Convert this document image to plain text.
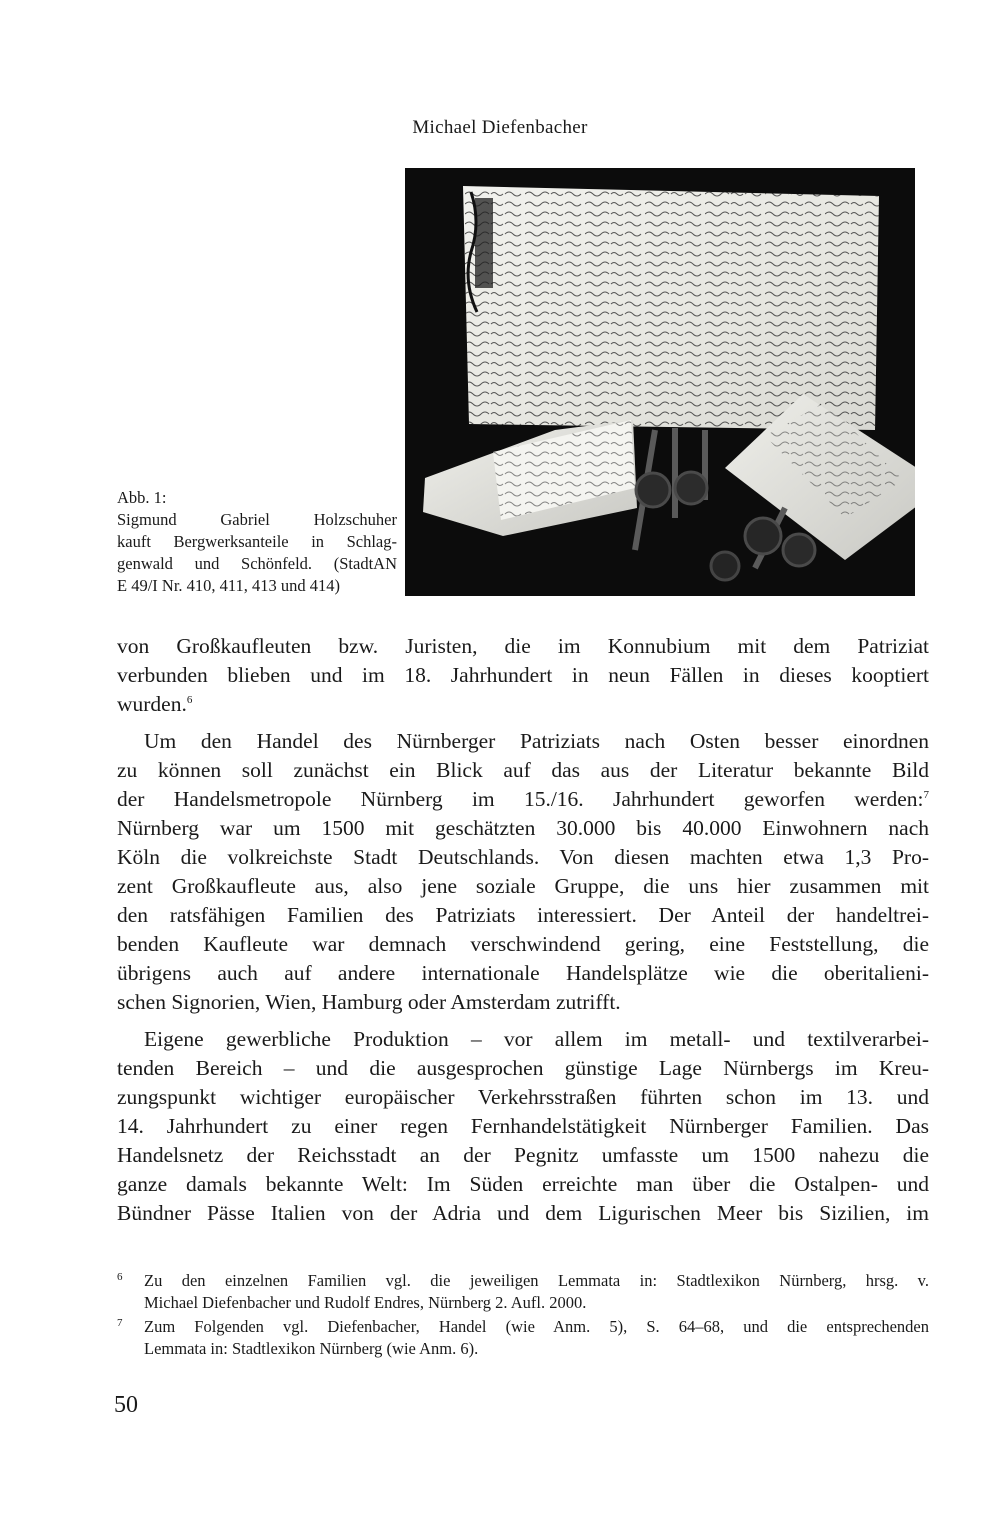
Michael Diefenbacher
Abb. 1:
Sigmund Gabriel Holzschuher
kauft Bergwerksanteile in Schlag-
genwald und Schönfeld. (StadtAN
E 49/I Nr. 410, 411, 413 und 414)
von Großkaufleuten bzw. Juristen, die im Konnubium mit dem Patriziat
verbunden blieben und im 18. Jahrhundert in neun Fällen in dieses kooptiert
wurden.$^6$
Um den Handel des Nürnberger Patriziats nach Osten besser einordnen
zu können soll zunächst ein Blick auf das aus der Literatur bekannte Bild
der Handelsmetropole Nürnberg im 15./16. Jahrhundert geworfen werden:$^7$
Nürnberg war um 1500 mit geschätzten 30.000 bis 40.000 Einwohnern nach
Köln die volkreichste Stadt Deutschlands. Von diesen machten etwa 1,3 Pro-
zent Großkaufleute aus, also jene soziale Gruppe, die uns hier zusammen mit
den ratsfähigen Familien des Patriziats interessiert. Der Anteil der handeltrei-
benden Kaufleute war demnach verschwindend gering, eine Feststellung, die
übrigens auch auf andere internationale Handelsplätze wie die oberitalieni-
schen Signorien, Wien, Hamburg oder Amsterdam zutrifft.
Eigene gewerbliche Produktion – vor allem im metall- und textilverarbei-
tenden Bereich – und die ausgesprochen günstige Lage Nürnbergs im Kreu-
zungspunkt wichtiger europäischer Verkehrsstraßen führten schon im 13. und
14. Jahrhundert zu einer regen Fernhandelstätigkeit Nürnberger Familien. Das
Handelsnetz der Reichsstadt an der Pegnitz umfasste um 1500 nahezu die
ganze damals bekannte Welt: Im Süden erreichte man über die Ostalpen- und
Bündner Pässe Italien von der Adria und dem Ligurischen Meer bis Sizilien, im
6 Zu den einzelnen Familien vgl. die jeweiligen Lemmata in: Stadtlexikon Nürnberg, hrsg. v.
Michael Diefenbacher und Rudolf Endres, Nürnberg 2. Aufl. 2000.
7 Zum Folgenden vgl. Diefenbacher, Handel (wie Anm. 5), S. 64–68, und die entsprechenden
Lemmata in: Stadtlexikon Nürnberg (wie Anm. 6).
50
